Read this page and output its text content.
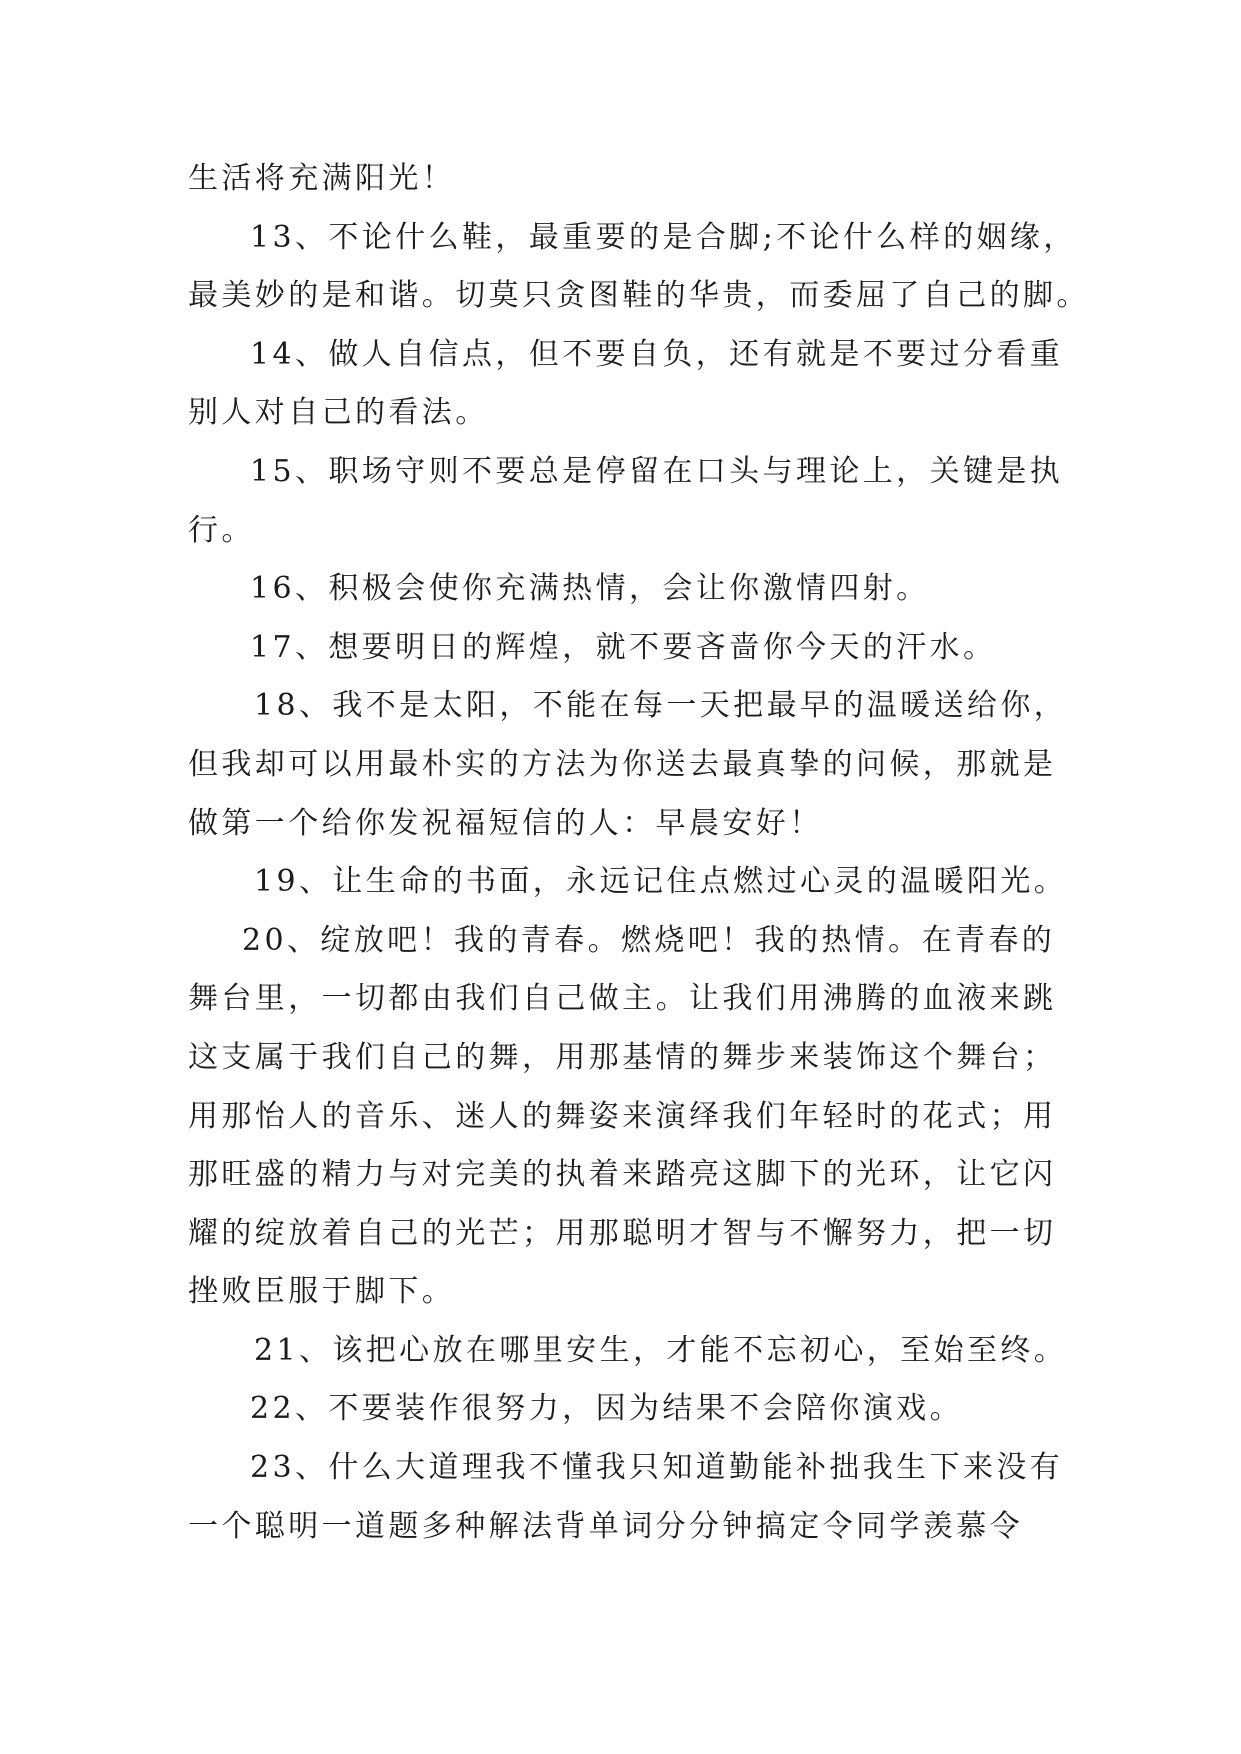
生活将充满阳光！
13、不论什么鞋，最重要的是合脚;不论什么样的姻缘，
最美妙的是和谐。切莫只贪图鞋的华贵，而委屈了自己的脚。
14、做人自信点，但不要自负，还有就是不要过分看重
别人对自己的看法。
15、职场守则不要总是停留在口头与理论上，关键是执
行。
16、积极会使你充满热情，会让你激情四射。
17、想要明日的辉煌，就不要吝啬你今天的汗水。
18、我不是太阳，不能在每一天把最早的温暖送给你，
但我却可以用最朴实的方法为你送去最真挚的问候，那就是
做第一个给你发祝福短信的人：早晨安好！
19、让生命的书面，永远记住点燃过心灵的温暖阳光。
20、绽放吧！我的青春。燃烧吧！我的热情。在青春的
舞台里，一切都由我们自己做主。让我们用沸腾的血液来跳
这支属于我们自己的舞，用那基情的舞步来装饰这个舞台；
用那怡人的音乐、迷人的舞姿来演绎我们年轻时的花式；用
那旺盛的精力与对完美的执着来踏亮这脚下的光环，让它闪
耀的绽放着自己的光芒；用那聪明才智与不懈努力，把一切
挫败臣服于脚下。
21、该把心放在哪里安生，才能不忘初心，至始至终。
22、不要装作很努力，因为结果不会陪你演戏。
23、什么大道理我不懂我只知道勤能补拙我生下来没有
一个聪明一道题多种解法背单词分分钟搞定令同学羡慕令
